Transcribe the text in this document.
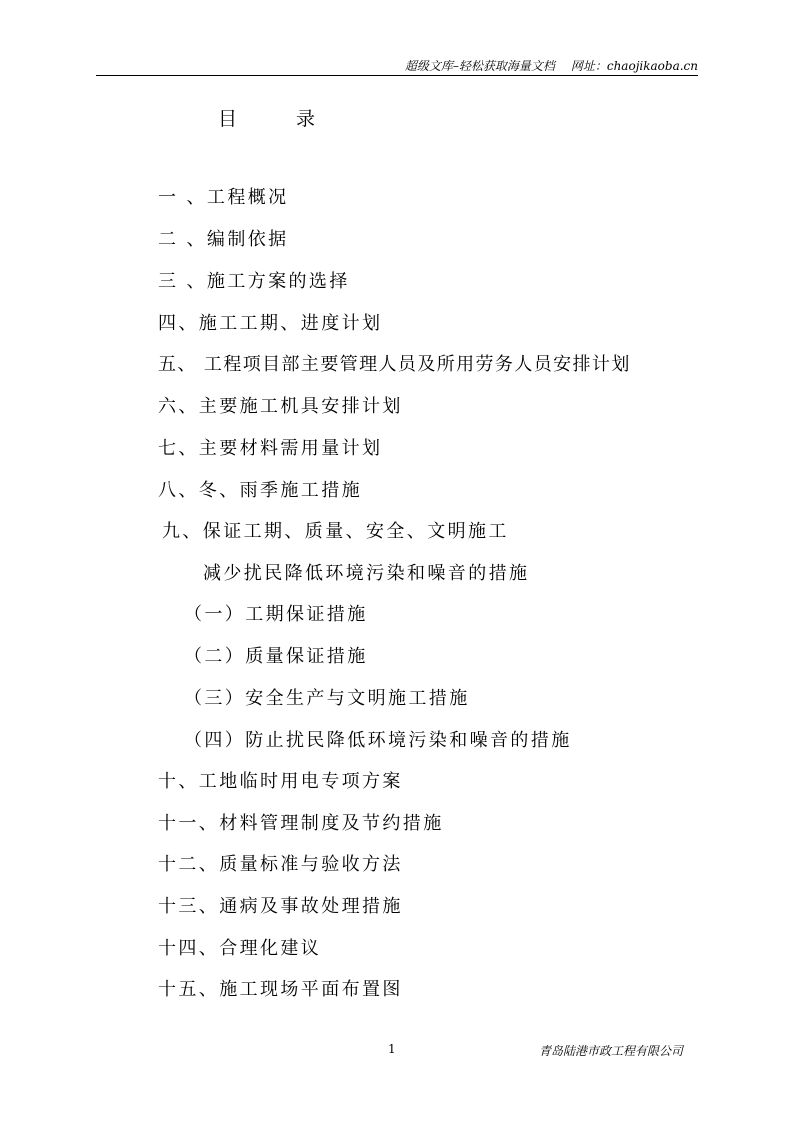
超级文库–轻松获取海量文档 网址：chaojikaoba.cn
目	录
一 、工程概况
二 、编制依据
三 、施工方案的选择
四、施工工期、进度计划
五、 工程项目部主要管理人员及所用劳务人员安排计划
六、主要施工机具安排计划
七、主要材料需用量计划
八、冬、雨季施工措施
九、保证工期、质量、安全、文明施工
减少扰民降低环境污染和噪音的措施
（一）工期保证措施
（二）质量保证措施
（三）安全生产与文明施工措施
（四）防止扰民降低环境污染和噪音的措施
十、工地临时用电专项方案
十一、材料管理制度及节约措施
十二、质量标准与验收方法
十三、通病及事故处理措施
十四、合理化建议
十五、施工现场平面布置图
1	青岛陆港市政工程有限公司
